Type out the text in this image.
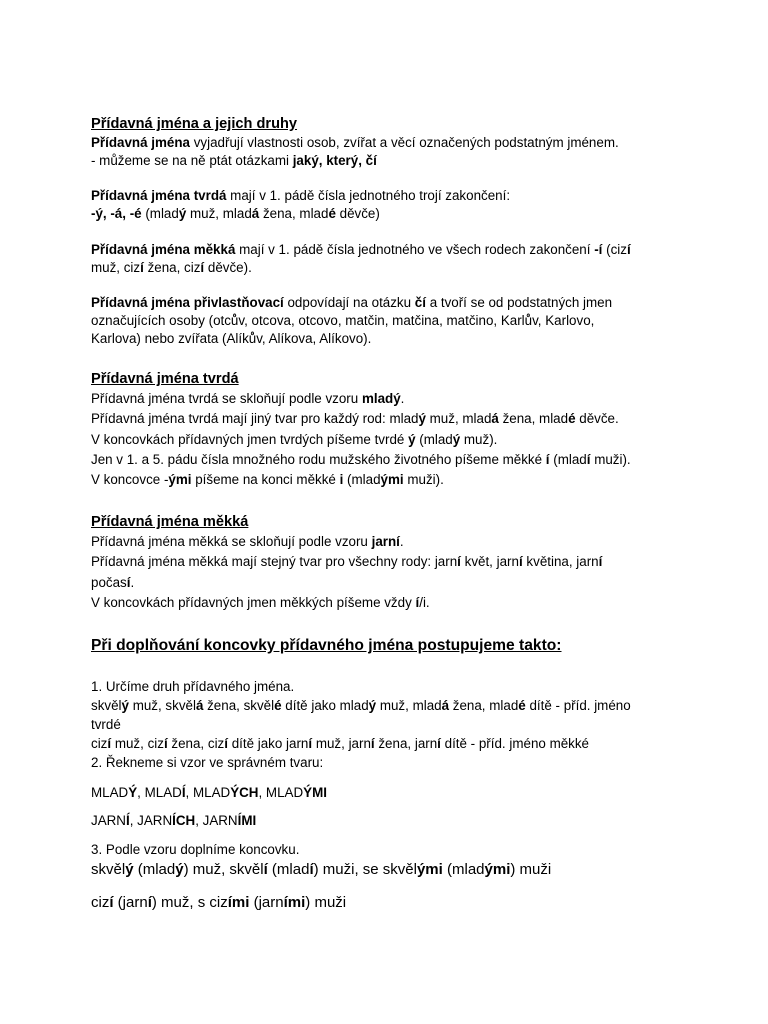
Přídavná jména a jejich druhy
Přídavná jména vyjadřují vlastnosti osob, zvířat a věcí označených podstatným jménem.
- můžeme se na ně ptát otázkami jaký, který, čí
Přídavná jména tvrdá mají v 1. pádě čísla jednotného trojí zakončení:
-ý, -á, -é (mladý muž, mladá žena, mladé děvče)
Přídavná jména měkká mají v 1. pádě čísla jednotného ve všech rodech zakončení -í (cizí
muž, cizí žena, cizí děvče).
Přídavná jména přivlastňovací odpovídají na otázku čí a tvoří se od podstatných jmen
označujících osoby (otců̊v, otcova, otcovo, matčin, matčina, matčino, Karlů̊v, Karlovo,
Karlova) nebo zvířata (Alíků̊v, Alíkova, Alíkovo).
Přídavná jména tvrdá
Přídavná jména tvrdá se skloňují podle vzoru mladý.
Přídavná jména tvrdá mají jiný tvar pro každý rod: mladý muž, mladá žena, mladé děvče.
V koncovkách přídavných jmen tvrdých píšeme tvrdé ý (mladý muž).
Jen v 1. a 5. pádu čísla množného rodu mužského životného píšeme měkké í (mladí muži).
V koncovce -ými píšeme na konci měkké i (mladými muži).
Přídavná jména měkká
Přídavná jména měkká se skloňují podle vzoru jarní.
Přídavná jména měkká mají stejný tvar pro všechny rody: jarní květ, jarní květina, jarní
počasí.
V koncovkách přídavných jmen měkkých píšeme vždy í/i.
Při doplňování koncovky přídavného jména postupujeme takto:
1. Určíme druh přídavného jména.
skvělý muž, skvělá žena, skvělé dítě jako mladý muž, mladá žena, mladé dítě - příd. jméno
tvrdé
cizí muž, cizí žena, cizí dítě jako jarní muž, jarní žena, jarní dítě - příd. jméno měkké
2. Řekneme si vzor ve správném tvaru:
MLADÝ, MLADÍ, MLADÝCH, MLADÝMI
JARNÍ, JARNÍCH, JARNÍMI
3. Podle vzoru doplníme koncovku.
skvělý (mladý) muž, skvělí (mladí) muži, se skvělými (mladými) muži
cizí (jarní) muž, s cizími (jarními) muži
